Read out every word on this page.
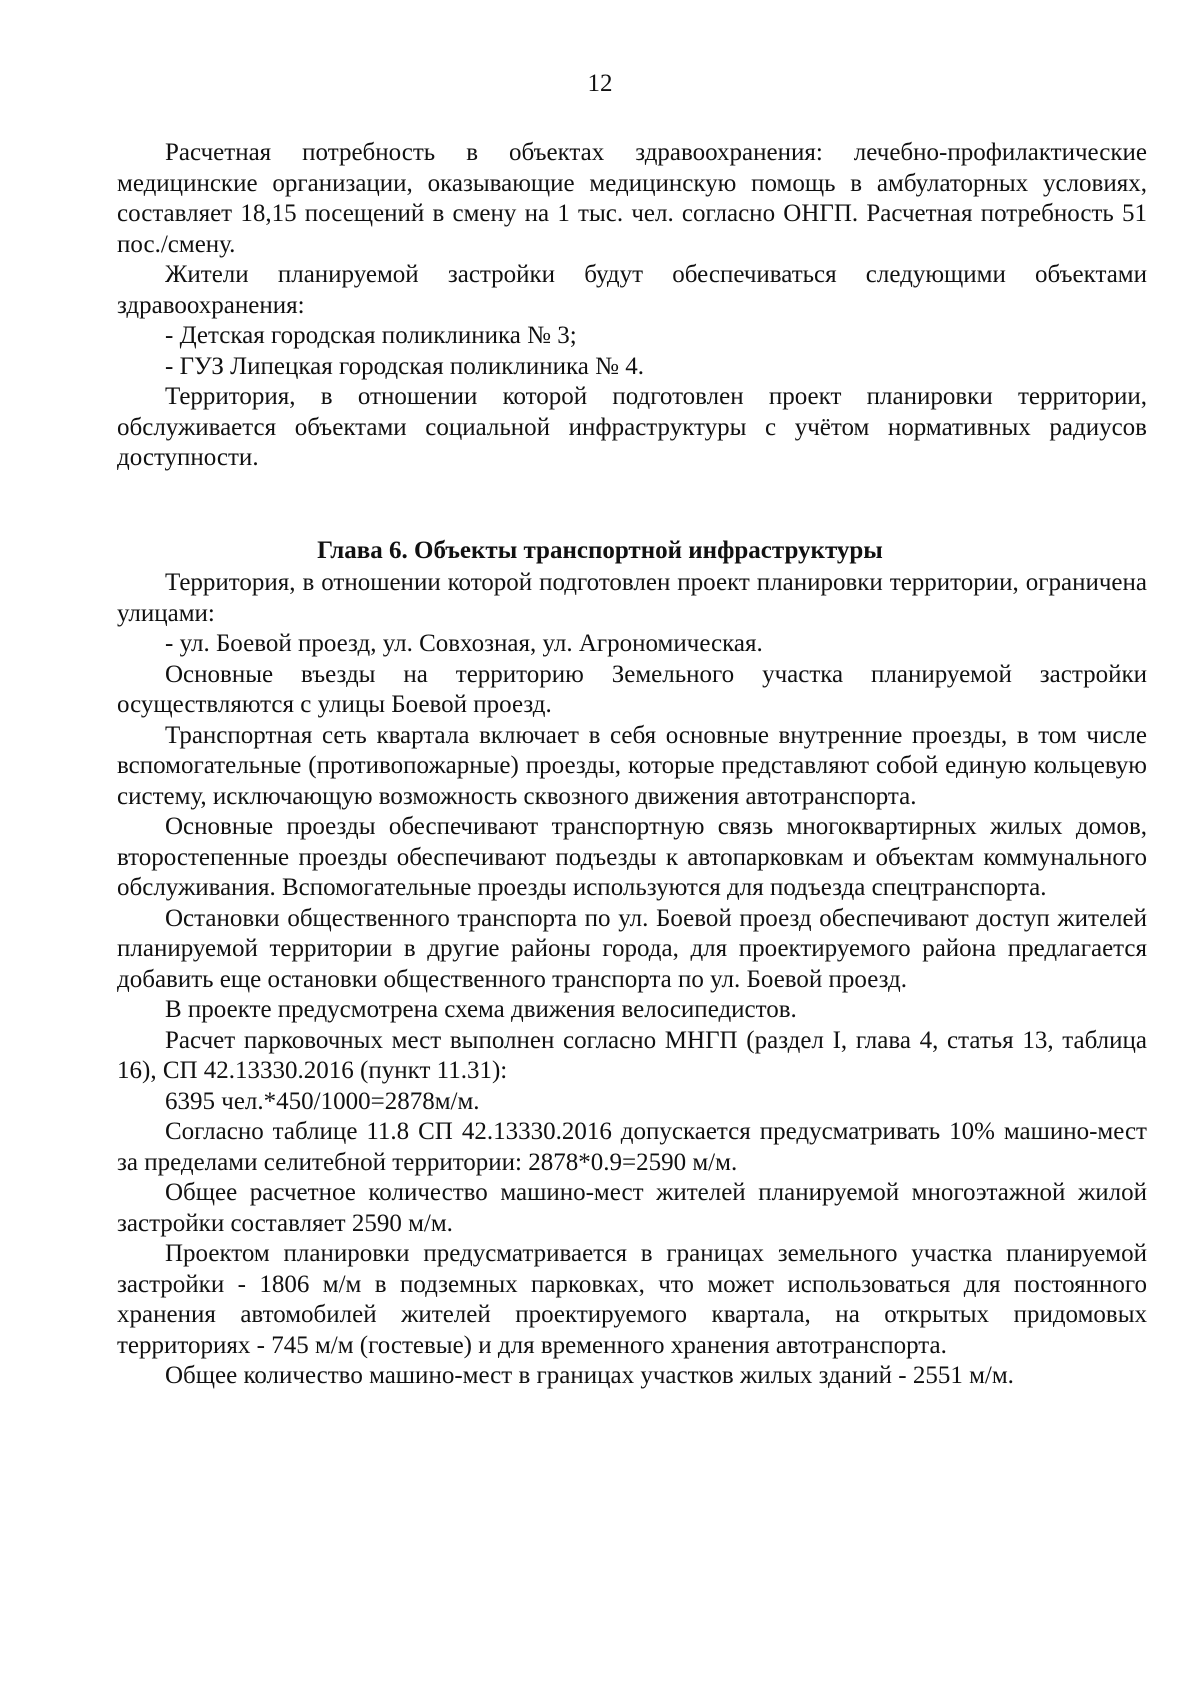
12

Расчетная потребность в объектах здравоохранения: лечебно-профилактические медицинские организации, оказывающие медицинскую помощь в амбулаторных условиях, составляет 18,15 посещений в смену на 1 тыс. чел. согласно ОНГП. Расчетная потребность 51 пос./смену.

Жители планируемой застройки будут обеспечиваться следующими объектами здравоохранения:

- Детская городская поликлиника № 3;

- ГУЗ Липецкая городская поликлиника № 4.

Территория, в отношении которой подготовлен проект планировки территории, обслуживается объектами социальной инфраструктуры с учётом нормативных радиусов доступности.

Глава 6. Объекты транспортной инфраструктуры

Территория, в отношении которой подготовлен проект планировки территории, ограничена улицами:

- ул. Боевой проезд, ул. Совхозная, ул. Агрономическая.

Основные въезды на территорию Земельного участка планируемой застройки осуществляются с улицы Боевой проезд.

Транспортная сеть квартала включает в себя основные внутренние проезды, в том числе вспомогательные (противопожарные) проезды, которые представляют собой единую кольцевую систему, исключающую возможность сквозного движения автотранспорта.

Основные проезды обеспечивают транспортную связь многоквартирных жилых домов, второстепенные проезды обеспечивают подъезды к автопарковкам и объектам коммунального обслуживания. Вспомогательные проезды используются для подъезда спецтранспорта.

Остановки общественного транспорта по ул. Боевой проезд обеспечивают доступ жителей планируемой территории в другие районы города, для проектируемого района предлагается добавить еще остановки общественного транспорта по ул. Боевой проезд.

В проекте предусмотрена схема движения велосипедистов.

Расчет парковочных мест выполнен согласно МНГП (раздел I, глава 4, статья 13, таблица 16), СП 42.13330.2016 (пункт 11.31):

6395 чел.*450/1000=2878м/м.

Согласно таблице 11.8 СП 42.13330.2016 допускается предусматривать 10% машино-мест за пределами селитебной территории: 2878*0.9=2590 м/м.

Общее расчетное количество машино-мест жителей планируемой многоэтажной жилой застройки составляет 2590 м/м.

Проектом планировки предусматривается в границах земельного участка планируемой застройки - 1806 м/м в подземных парковках, что может использоваться для постоянного хранения автомобилей жителей проектируемого квартала, на открытых придомовых территориях - 745 м/м (гостевые) и для временного хранения автотранспорта.

Общее количество машино-мест в границах участков жилых зданий - 2551 м/м.
